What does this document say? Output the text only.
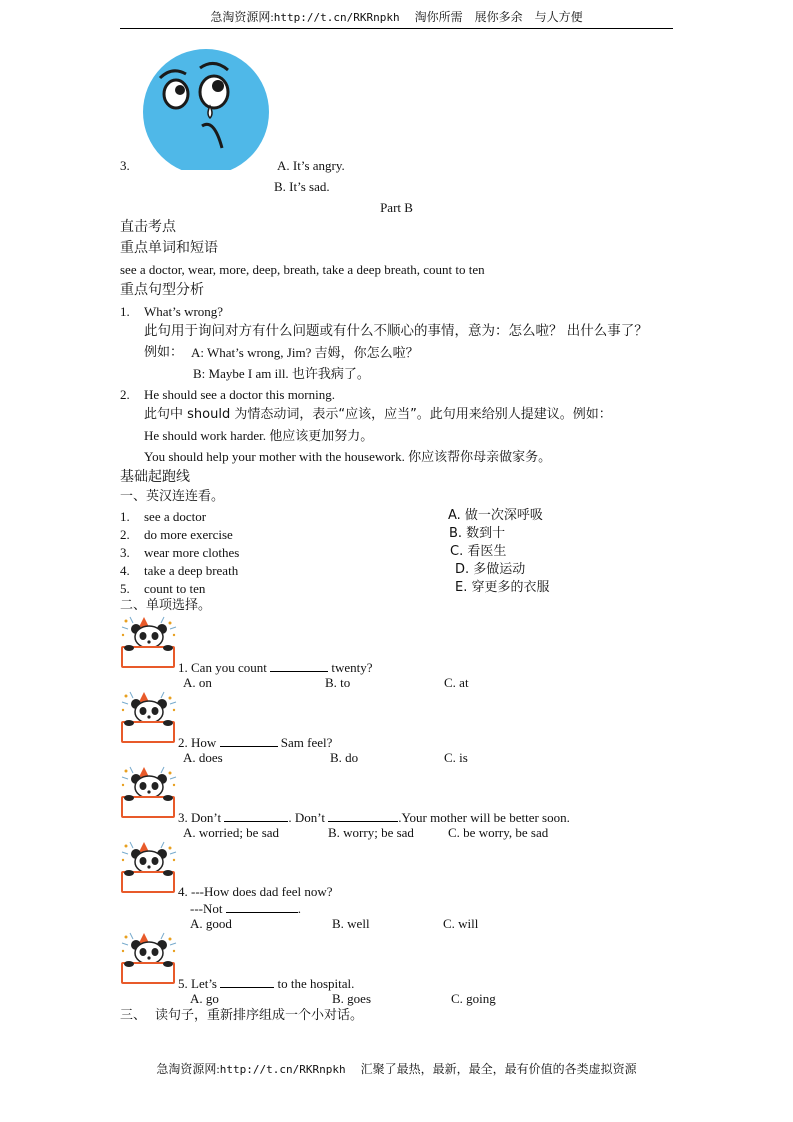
急淘资源网:http://t.cn/RKRnpkh 淘你所需　展你多余　与人方便
3.	A. It’s angry.
B. It’s sad.
Part B
直击考点
重点单词和短语
see a doctor, wear, more, deep, breath, take a deep breath, count to ten
重点句型分析
1. What’s wrong?
此句用于询问对方有什么问题或有什么不顺心的事情，意为：怎么啦？ 出什么事了？
例如： A: What’s wrong, Jim? 吉姆，你怎么啦？
B: Maybe I am ill. 也许我病了。
2. He should see a doctor this morning.
此句中 should 为情态动词，表示“应该，应当”。此句用来给别人提建议。例如：
He should work harder. 他应该更加努力。
You should help your mother with the housework. 你应该帮你母亲做家务。
基础起跑线
一、英汉连连看。
1. see a doctor
2. do more exercise
3. wear more clothes
4. take a deep breath
5. count to ten
A. 做一次深呼吸
B. 数到十
C. 看医生
D. 多做运动
E. 穿更多的衣服
二、单项选择。
1. Can you count	twenty?
A. on	B. to	C. at
2. How	Sam feel?
A. does	B. do	C. is
3. Don’t	. Don’t	.Your mother will be better soon.
A. worried; be sad	B. worry; be sad	C. be worry, be sad
4. ---How does dad feel now?
---Not	.
A. good	B. well	C. will
5. Let’s	to the hospital.
A. go	B. goes	C. going
三、 读句子，重新排序组成一个小对话。
急淘资源网:http://t.cn/RKRnpkh 汇聚了最热，最新，最全，最有价值的各类虚拟资源
